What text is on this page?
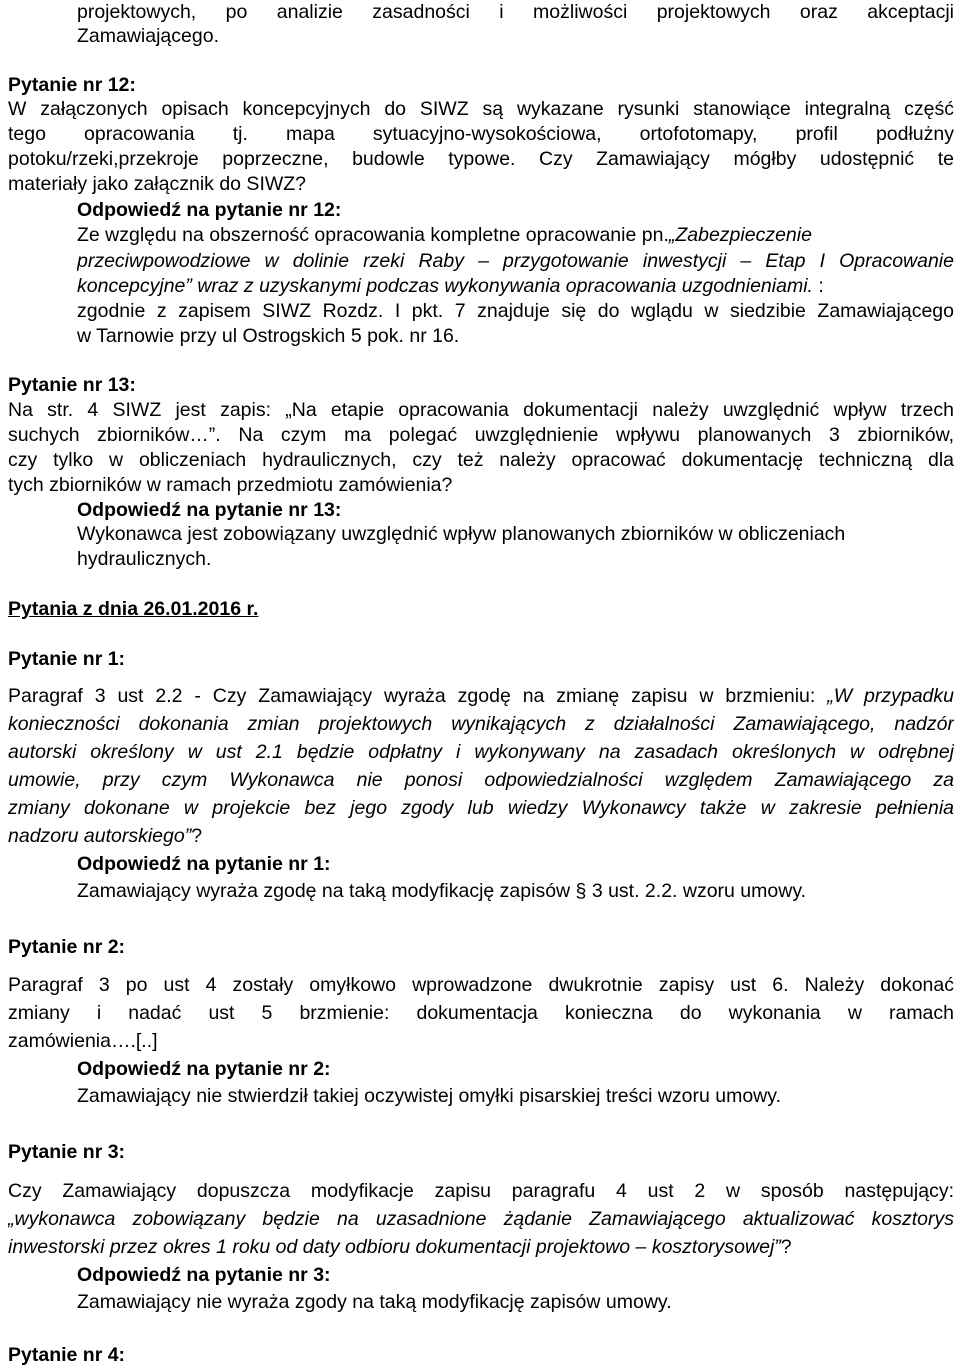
projektowych, po analizie zasadności i możliwości projektowych oraz akceptacji
Zamawiającego.
Pytanie nr 12:
W załączonych opisach koncepcyjnych do SIWZ są wykazane rysunki stanowiące integralną część
tego opracowania tj. mapa sytuacyjno-wysokościowa, ortofotomapy, profil podłużny
potoku/rzeki,przekroje poprzeczne, budowle typowe. Czy Zamawiający mógłby udostępnić te
materiały jako załącznik do SIWZ?
Odpowiedź na pytanie nr 12:
Ze względu na obszerność opracowania kompletne opracowanie pn.„Zabezpieczenie
przeciwpowodziowe w dolinie rzeki Raby – przygotowanie inwestycji – Etap I Opracowanie
koncepcyjne” wraz z uzyskanymi podczas wykonywania opracowania uzgodnieniami. :
zgodnie z zapisem SIWZ Rozdz. I pkt. 7 znajduje się do wglądu w siedzibie Zamawiającego
w Tarnowie przy ul Ostrogskich 5 pok. nr 16.
Pytanie nr 13:
Na str. 4 SIWZ jest zapis: „Na etapie opracowania dokumentacji należy uwzględnić wpływ trzech
suchych zbiorników…”. Na czym ma polegać uwzględnienie wpływu planowanych 3 zbiorników,
czy tylko w obliczeniach hydraulicznych, czy też należy opracować dokumentację techniczną dla
tych zbiorników w ramach przedmiotu zamówienia?
Odpowiedź na pytanie nr 13:
Wykonawca jest zobowiązany uwzględnić wpływ planowanych zbiorników w obliczeniach
hydraulicznych.
Pytania z dnia 26.01.2016 r.
Pytanie nr 1:
Paragraf 3 ust 2.2 - Czy Zamawiający wyraża zgodę na zmianę zapisu w brzmieniu: „W przypadku
konieczności dokonania zmian projektowych wynikających z działalności Zamawiającego, nadzór
autorski określony w ust 2.1 będzie odpłatny i wykonywany na zasadach określonych w odrębnej
umowie, przy czym Wykonawca nie ponosi odpowiedzialności względem Zamawiającego za
zmiany dokonane w projekcie bez jego zgody lub wiedzy Wykonawcy także w zakresie pełnienia
nadzoru autorskiego”?
Odpowiedź na pytanie nr 1:
Zamawiający wyraża zgodę na taką modyfikację zapisów § 3 ust. 2.2. wzoru umowy.
Pytanie nr 2:
Paragraf 3 po ust 4 zostały omyłkowo wprowadzone dwukrotnie zapisy ust 6. Należy dokonać
zmiany i nadać ust 5 brzmienie: dokumentacja konieczna do wykonania w ramach
zamówienia….[..]
Odpowiedź na pytanie nr 2:
Zamawiający nie stwierdził takiej oczywistej omyłki pisarskiej treści wzoru umowy.
Pytanie nr 3:
Czy Zamawiający dopuszcza modyfikacje zapisu paragrafu 4 ust 2 w sposób następujący:
„wykonawca zobowiązany będzie na uzasadnione żądanie Zamawiającego aktualizować kosztorys
inwestorski przez okres 1 roku od daty odbioru dokumentacji projektowo – kosztorysowej”?
Odpowiedź na pytanie nr 3:
Zamawiający nie wyraża zgody na taką modyfikację zapisów umowy.
Pytanie nr 4:
